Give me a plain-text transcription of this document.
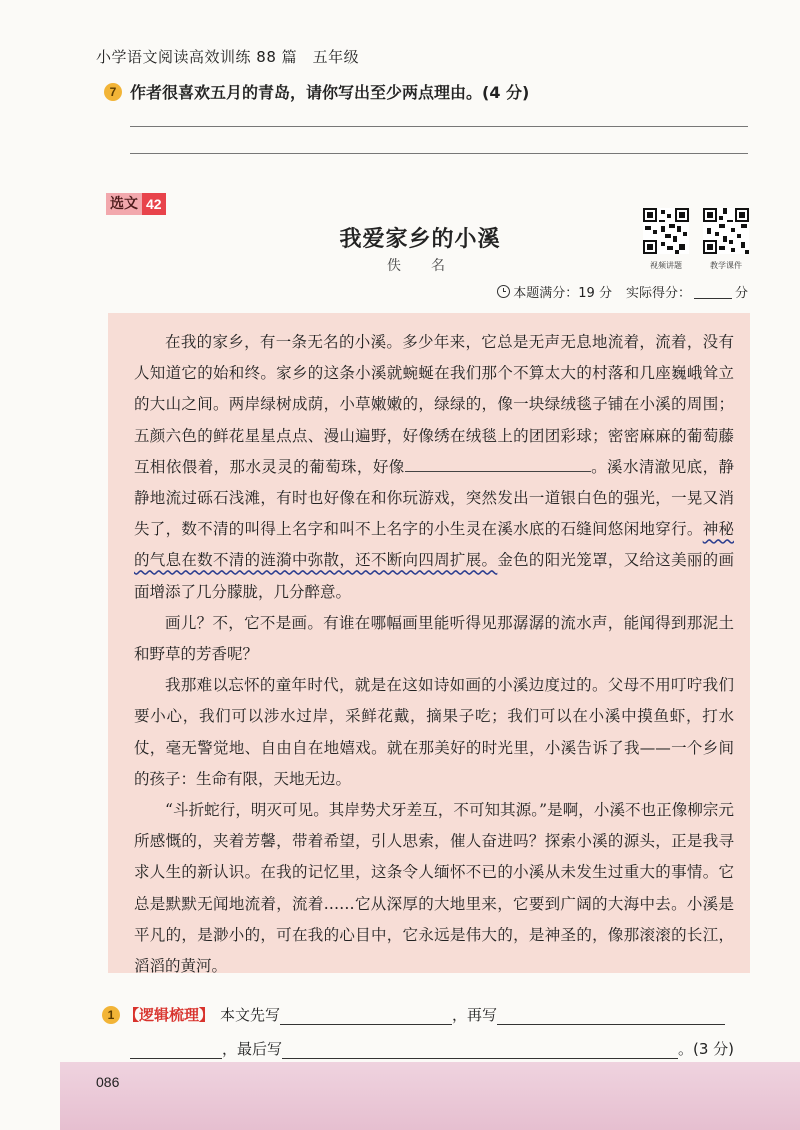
小学语文阅读高效训练 88 篇　五年级
7 作者很喜欢五月的青岛，请你写出至少两点理由。(4 分)
选文 42
我爱家乡的小溪
佚　名	视频讲题	教学课件
本题满分：19 分 实际得分：	分

在我的家乡，有一条无名的小溪。多少年来，它总是无声无息地流着，流着，没有人知道它的始和终。家乡的这条小溪就蜿蜒在我们那个不算太大的村落和几座巍峨耸立的大山之间。两岸绿树成荫，小草嫩嫩的，绿绿的，像一块绿绒毯子铺在小溪的周围；五颜六色的鲜花星星点点、漫山遍野，好像绣在绒毯上的团团彩球；密密麻麻的葡萄藤互相依偎着，那水灵灵的葡萄珠，好像	。溪水清澈见底，静静地流过砾石浅滩，有时也好像在和你玩游戏，突然发出一道银白色的强光，一晃又消失了，数不清的叫得上名字和叫不上名字的小生灵在溪水底的石缝间悠闲地穿行。神秘的气息在数不清的涟漪中弥散，还不断向四周扩展。金色的阳光笼罩，又给这美丽的画面增添了几分朦胧，几分醉意。

画儿？不，它不是画。有谁在哪幅画里能听得见那潺潺的流水声，能闻得到那泥土和野草的芳香呢？

我那难以忘怀的童年时代，就是在这如诗如画的小溪边度过的。父母不用叮咛我们要小心，我们可以涉水过岸，采鲜花戴，摘果子吃；我们可以在小溪中摸鱼虾，打水仗，毫无警觉地、自由自在地嬉戏。就在那美好的时光里，小溪告诉了我——一个乡间的孩子：生命有限，天地无边。

“斗折蛇行，明灭可见。其岸势犬牙差互，不可知其源。”是啊，小溪不也正像柳宗元所感慨的，夹着芳馨，带着希望，引人思索，催人奋进吗？探索小溪的源头，正是我寻求人生的新认识。在我的记忆里，这条令人缅怀不已的小溪从未发生过重大的事情。它总是默默无闻地流着，流着……它从深厚的大地里来，它要到广阔的大海中去。小溪是平凡的，是渺小的，可在我的心目中，它永远是伟大的，是神圣的，像那滚滚的长江，滔滔的黄河。

1 【逻辑梳理】 本文先写	，再写
，最后写	。(3 分)
086
